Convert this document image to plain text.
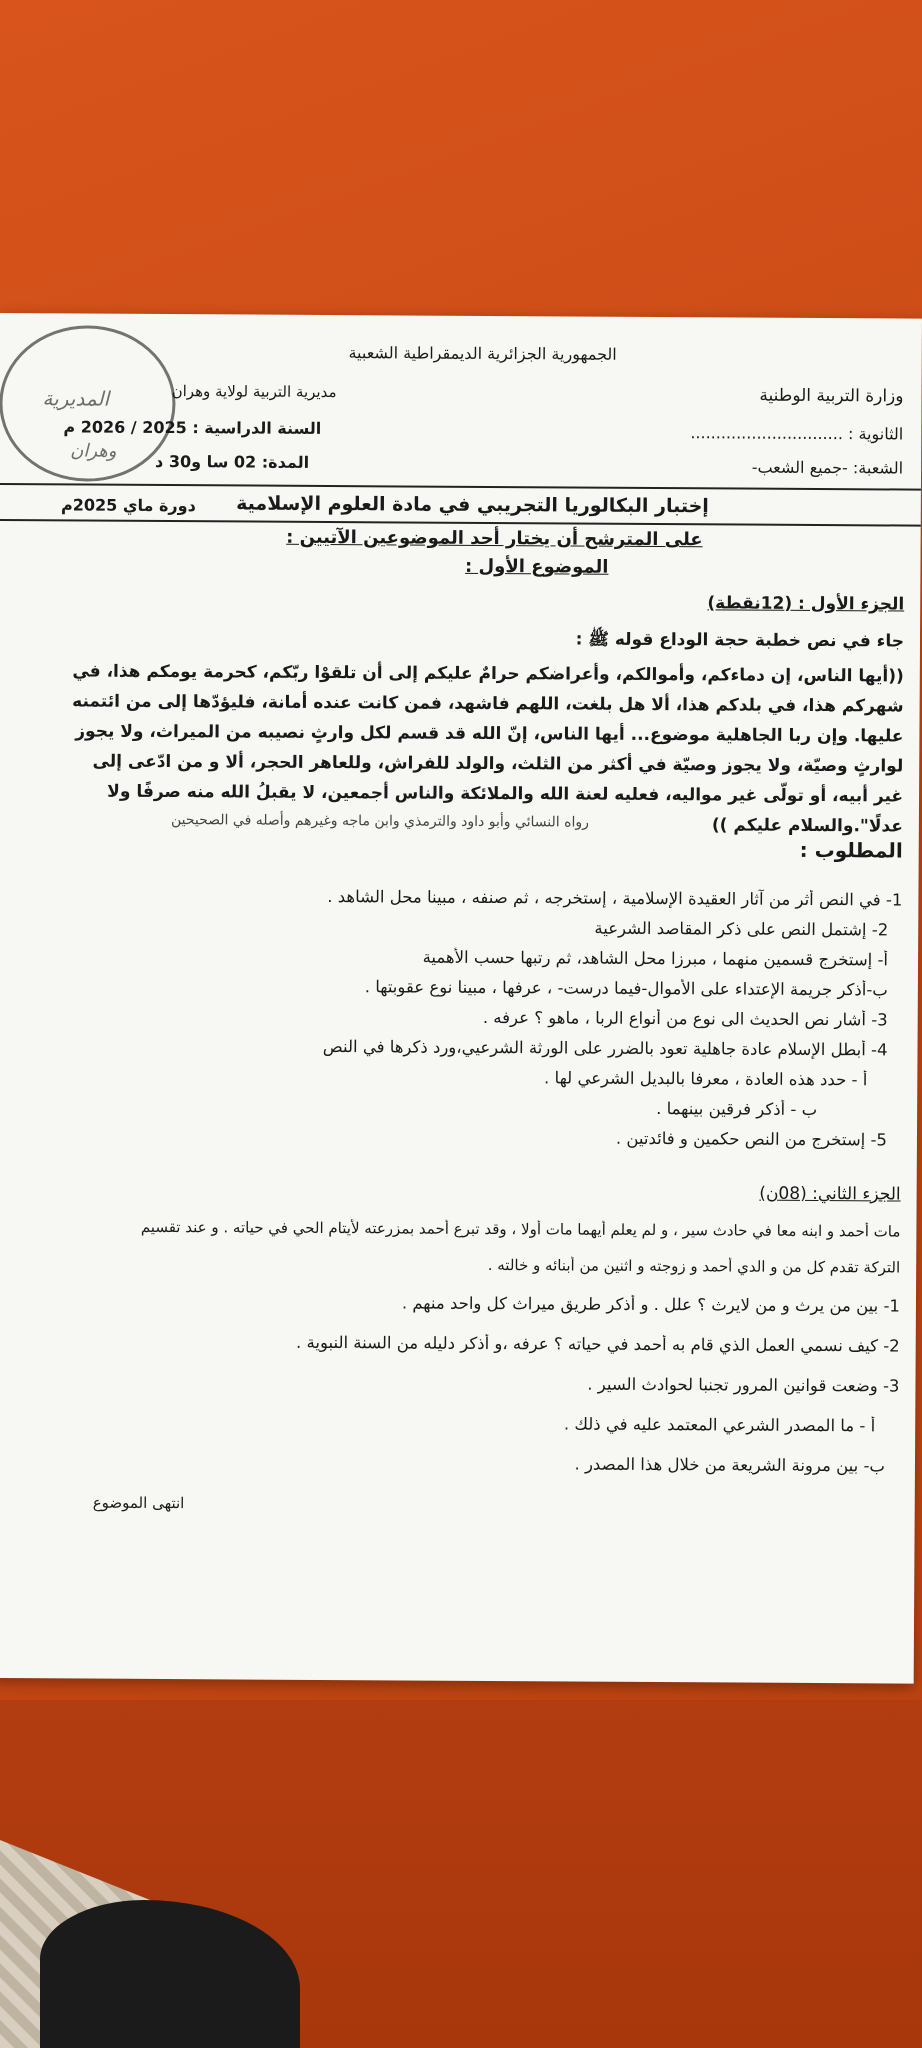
المديرية
وهران
الجمهورية الجزائرية الديمقراطية الشعبية
وزارة التربية الوطنية
مديرية التربية لولاية وهران
الثانوية : ..............................
السنة الدراسية : 2025 / 2026 م
الشعبة: -جميع الشعب-
المدة: 02 سا و30 د
إختبار البكالوريا التجريبي في مادة العلوم الإسلامية
دورة ماي 2025م
على المترشح أن يختار أحد الموضوعين الآتيين :
الموضوع الأول :
الجزء الأول : (12نقطة)
جاء في نص خطبة حجة الوداع قوله ﷺ :
((أيها الناس، إن دماءكم، وأموالكم، وأعراضكم حرامٌ عليكم إلى أن تلقوْا ربّكم، كحرمة يومكم هذا، في
شهركم هذا، في بلدكم هذا، ألا هل بلغت، اللهم فاشهد، فمن كانت عنده أمانة، فليؤدّها إلى من ائتمنه
عليها. وإن ربا الجاهلية موضوع... أيها الناس، إنّ الله قد قسم لكل وارثٍ نصيبه من الميراث، ولا يجوز
لوارثٍ وصيّة، ولا يجوز وصيّة في أكثر من الثلث، والولد للفراش، وللعاهر الحجر، ألا و من ادّعى إلى
غير أبيه، أو تولّى غير مواليه، فعليه لعنة الله والملائكة والناس أجمعين، لا يقبلُ الله منه صرفًا ولا
عدلًا".والسلام عليكم ))
رواه النسائي وأبو داود والترمذي وابن ماجه وغيرهم وأصله في الصحيحين
المطلوب :
1- في النص أثر من آثار العقيدة الإسلامية ، إستخرجه ، ثم صنفه ، مبينا محل الشاهد .
2- إشتمل النص على ذكر المقاصد الشرعية
أ- إستخرج قسمين منهما ، مبرزا محل الشاهد، ثم رتبها حسب الأهمية
ب-أذكر جريمة الإعتداء على الأموال-فيما درست- ، عرفها ، مبينا نوع عقوبتها .
3- أشار نص الحديث الى نوع من أنواع الربا ، ماهو ؟ عرفه .
4- أبطل الإسلام عادة جاهلية تعود بالضرر على الورثة الشرعيي،ورد ذكرها في النص
أ - حدد هذه العادة ، معرفا بالبديل الشرعي لها .
ب - أذكر فرقين بينهما .
5- إستخرج من النص حكمين و فائدتين .
الجزء الثاني: (08ن)
مات أحمد و ابنه معا في حادث سير ، و لم يعلم أيهما مات أولا ، وقد تبرع أحمد بمزرعته لأيتام الحي في حياته . و عند تقسيم
التركة تقدم كل من و الدي أحمد و زوجته و اثنين من أبنائه و خالته .
1- بين من يرث و من لايرث ؟ علل . و أذكر طريق ميراث كل واحد منهم .
2- كيف نسمي العمل الذي قام به أحمد في حياته ؟ عرفه ،و أذكر دليله من السنة النبوية .
3- وضعت قوانين المرور تجنبا لحوادث السير .
أ - ما المصدر الشرعي المعتمد عليه في ذلك .
ب- بين مرونة الشريعة من خلال هذا المصدر .
انتهى الموضوع
